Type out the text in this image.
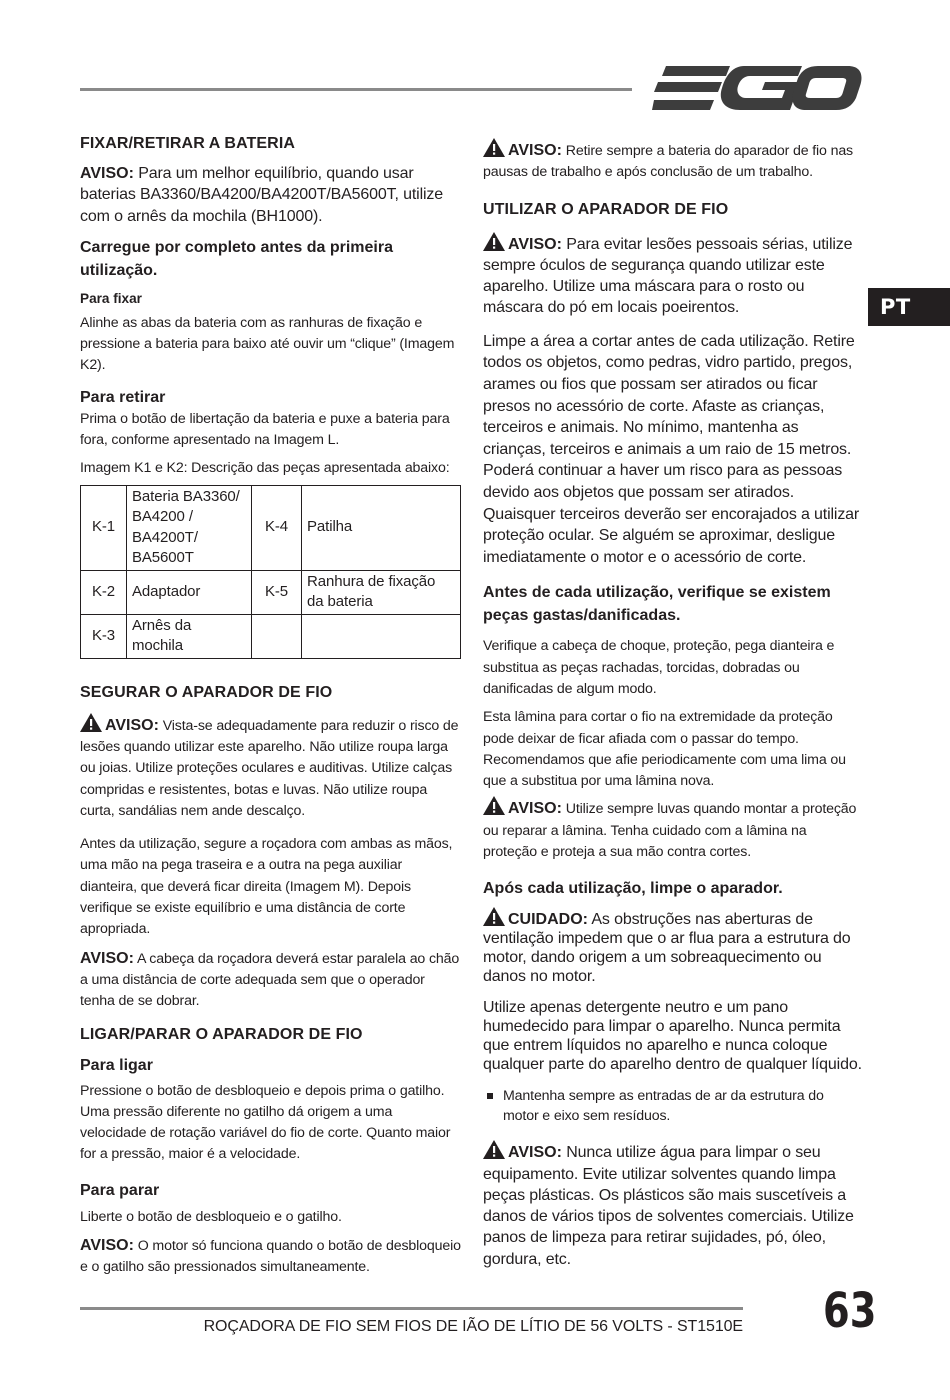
PT
FIXAR/RETIRAR A BATERIA

AVISO: Para um melhor equilíbrio, quando usar baterias BA3360/BA4200/BA4200T/BA5600T, utilize com o arnês da mochila (BH1000).

Carregue por completo antes da primeira utilização.

Para fixar

Alinhe as abas da bateria com as ranhuras de fixação e pressione a bateria para baixo até ouvir um “clique” (Imagem K2).

Para retirar

Prima o botão de libertação da bateria e puxe a bateria para fora, conforme apresentado na Imagem L.

Imagem K1 e K2: Descrição das peças apresentada abaixo:

K-1	Bateria BA3360/ BA4200 / BA4200T/ BA5600T	K-4	Patilha
K-2	Adaptador	K-5	Ranhura de fixação da bateria
K-3	Arnês da mochila		
SEGURAR O APARADOR DE FIO

AVISO: Vista-se adequadamente para reduzir o risco de lesões quando utilizar este aparelho. Não utilize roupa larga ou joias. Utilize proteções oculares e auditivas. Utilize calças compridas e resistentes, botas e luvas. Não utilize roupa curta, sandálias nem ande descalço.

Antes da utilização, segure a roçadora com ambas as mãos, uma mão na pega traseira e a outra na pega auxiliar dianteira, que deverá ficar direita (Imagem M). Depois verifique se existe equilíbrio e uma distância de corte apropriada.

AVISO: A cabeça da roçadora deverá estar paralela ao chão a uma distância de corte adequada sem que o operador tenha de se dobrar.

LIGAR/PARAR O APARADOR DE FIO
Para ligar

Pressione o botão de desbloqueio e depois prima o gatilho. Uma pressão diferente no gatilho dá origem a uma velocidade de rotação variável do fio de corte. Quanto maior for a pressão, maior é a velocidade.

Para parar

Liberte o botão de desbloqueio e o gatilho.

AVISO: O motor só funciona quando o botão de desbloqueio e o gatilho são pressionados simultaneamente.

AVISO: Retire sempre a bateria do aparador de fio nas pausas de trabalho e após conclusão de um trabalho.

UTILIZAR O APARADOR DE FIO

AVISO: Para evitar lesões pessoais sérias, utilize sempre óculos de segurança quando utilizar este aparelho. Utilize uma máscara para o rosto ou máscara do pó em locais poeirentos.

Limpe a área a cortar antes de cada utilização. Retire todos os objetos, como pedras, vidro partido, pregos, arames ou fios que possam ser atirados ou ficar presos no acessório de corte. Afaste as crianças, terceiros e animais. No mínimo, mantenha as crianças, terceiros e animais a um raio de 15 metros. Poderá continuar a haver um risco para as pessoas devido aos objetos que possam ser atirados. Quaisquer terceiros deverão ser encorajados a utilizar proteção ocular. Se alguém se aproximar, desligue imediatamente o motor e o acessório de corte.

Antes de cada utilização, verifique se existem peças gastas/danificadas.

Verifique a cabeça de choque, proteção, pega dianteira e substitua as peças rachadas, torcidas, dobradas ou danificadas de algum modo.

Esta lâmina para cortar o fio na extremidade da proteção pode deixar de ficar afiada com o passar do tempo. Recomendamos que afie periodicamente com uma lima ou que a substitua por uma lâmina nova.

AVISO: Utilize sempre luvas quando montar a proteção ou reparar a lâmina. Tenha cuidado com a lâmina na proteção e proteja a sua mão contra cortes.

Após cada utilização, limpe o aparador.

CUIDADO: As obstruções nas aberturas de ventilação impedem que o ar flua para a estrutura do motor, dando origem a um sobreaquecimento ou danos no motor.

Utilize apenas detergente neutro e um pano humedecido para limpar o aparelho. Nunca permita que entrem líquidos no aparelho e nunca coloque qualquer parte do aparelho dentro de qualquer líquido.

Mantenha sempre as entradas de ar da estrutura do motor e eixo sem resíduos.

AVISO: Nunca utilize água para limpar o seu equipamento. Evite utilizar solventes quando limpa peças plásticas. Os plásticos são mais suscetíveis a danos de vários tipos de solventes comerciais. Utilize panos de limpeza para retirar sujidades, pó, óleo, gordura, etc.

ROÇADORA DE FIO SEM FIOS DE IÃO DE LÍTIO DE 56 VOLTS - ST1510E 63
